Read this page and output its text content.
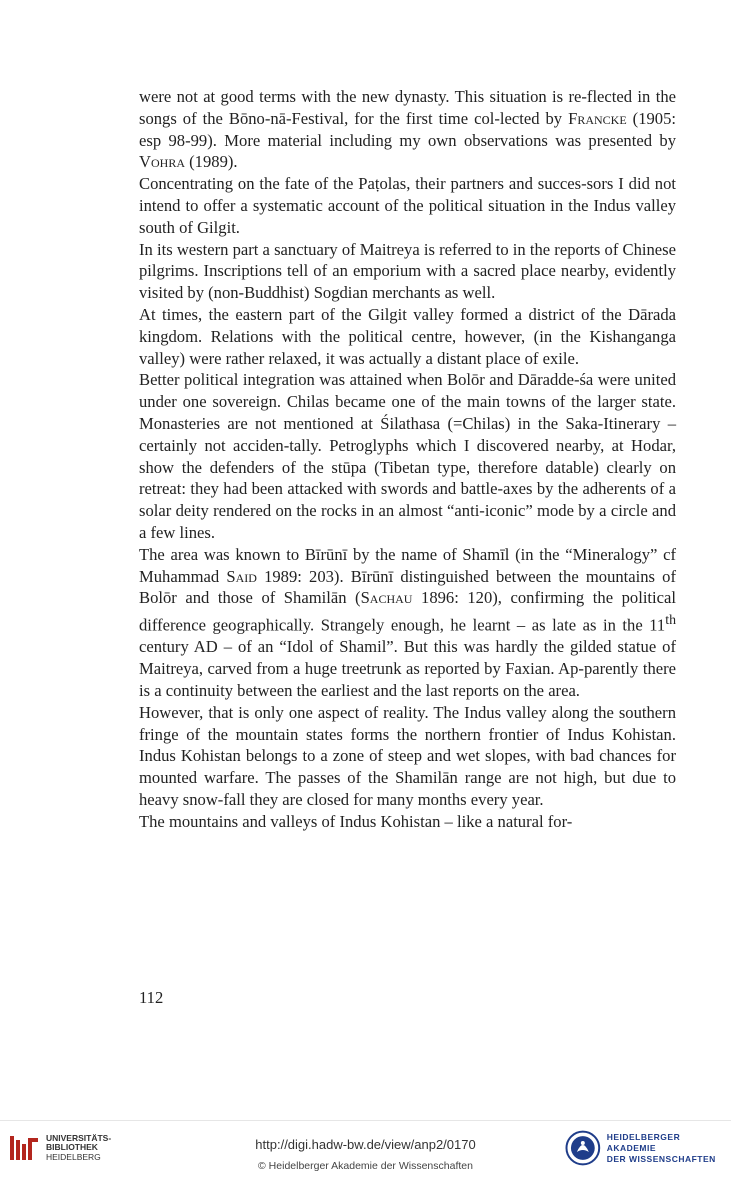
were not at good terms with the new dynasty. This situation is re-flected in the songs of the Bōno-nā-Festival, for the first time col-lected by Francke (1905: esp 98-99). More material including my own observations was presented by Vohra (1989).

Concentrating on the fate of the Paṭolas, their partners and succes-sors I did not intend to offer a systematic account of the political situation in the Indus valley south of Gilgit.

In its western part a sanctuary of Maitreya is referred to in the reports of Chinese pilgrims. Inscriptions tell of an emporium with a sacred place nearby, evidently visited by (non-Buddhist) Sogdian merchants as well.

At times, the eastern part of the Gilgit valley formed a district of the Dārada kingdom. Relations with the political centre, however, (in the Kishanganga valley) were rather relaxed, it was actually a distant place of exile.

Better political integration was attained when Bolōr and Dāradde-śa were united under one sovereign. Chilas became one of the main towns of the larger state. Monasteries are not mentioned at Śilathasa (=Chilas) in the Saka-Itinerary – certainly not acciden-tally. Petroglyphs which I discovered nearby, at Hodar, show the defenders of the stūpa (Tibetan type, therefore datable) clearly on retreat: they had been attacked with swords and battle-axes by the adherents of a solar deity rendered on the rocks in an almost “anti-iconic” mode by a circle and a few lines.

The area was known to Bīrūnī by the name of Shamīl (in the “Mineralogy” cf Muhammad Said 1989: 203). Bīrūnī distinguished between the mountains of Bolōr and those of Shamilān (Sachau 1896: 120), confirming the political difference geographically. Strangely enough, he learnt – as late as in the 11th century AD – of an “Idol of Shamil”. But this was hardly the gilded statue of Maitreya, carved from a huge treetrunk as reported by Faxian. Ap-parently there is a continuity between the earliest and the last reports on the area.

However, that is only one aspect of reality. The Indus valley along the southern fringe of the mountain states forms the northern frontier of Indus Kohistan. Indus Kohistan belongs to a zone of steep and wet slopes, with bad chances for mounted warfare. The passes of the Shamilān range are not high, but due to heavy snow-fall they are closed for many months every year.

The mountains and valleys of Indus Kohistan – like a natural for-

112
UNIVERSITÄTS-
BIBLIOTHEK
HEIDELBERG
http://digi.hadw-bw.de/view/anp2/0170
© Heidelberger Akademie der Wissenschaften
HEIDELBERGER AKADEMIE
DER WISSENSCHAFTEN
